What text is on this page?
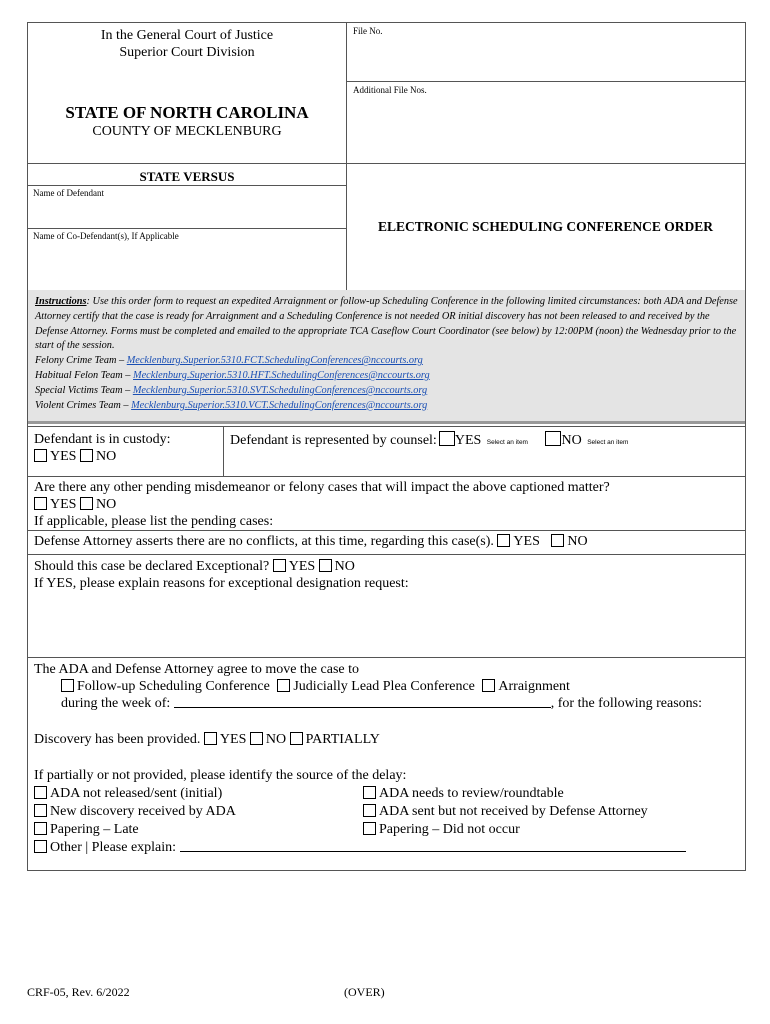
In the General Court of Justice
Superior Court Division
STATE OF NORTH CAROLINA
COUNTY OF MECKLENBURG
File No.
Additional File Nos.
STATE VERSUS
Name of Defendant
Name of Co-Defendant(s), If Applicable
ELECTRONIC SCHEDULING CONFERENCE ORDER
Instructions: Use this order form to request an expedited Arraignment or follow-up Scheduling Conference in the following limited circumstances: both ADA and Defense Attorney certify that the case is ready for Arraignment and a Scheduling Conference is not needed OR initial discovery has not been released to and received by the Defense Attorney. Forms must be completed and emailed to the appropriate TCA Caseflow Court Coordinator (see below) by 12:00PM (noon) the Wednesday prior to the start of the session.
Felony Crime Team – Mecklenburg.Superior.5310.FCT.SchedulingConferences@nccourts.org
Habitual Felon Team – Mecklenburg.Superior.5310.HFT.SchedulingConferences@nccourts.org
Special Victims Team – Mecklenburg.Superior.5310.SVT.SchedulingConferences@nccourts.org
Violent Crimes Team – Mecklenburg.Superior.5310.VCT.SchedulingConferences@nccourts.org
Defendant is in custody:
YES NO
Defendant is represented by counsel: YES Select an item NO Select an item
Are there any other pending misdemeanor or felony cases that will impact the above captioned matter?
YES NO
If applicable, please list the pending cases:
Defense Attorney asserts there are no conflicts, at this time, regarding this case(s). YES NO
Should this case be declared Exceptional? YES NO
If YES, please explain reasons for exceptional designation request:
The ADA and Defense Attorney agree to move the case to
Follow-up Scheduling Conference Judicially Lead Plea Conference Arraignment
during the week of:	, for the following reasons:
Discovery has been provided. YES NO PARTIALLY
If partially or not provided, please identify the source of the delay:
ADA not released/sent (initial)
New discovery received by ADA
Papering – Late
ADA needs to review/roundtable
ADA sent but not received by Defense Attorney
Papering – Did not occur
Other | Please explain:
CRF-05, Rev. 6/2022	(OVER)
